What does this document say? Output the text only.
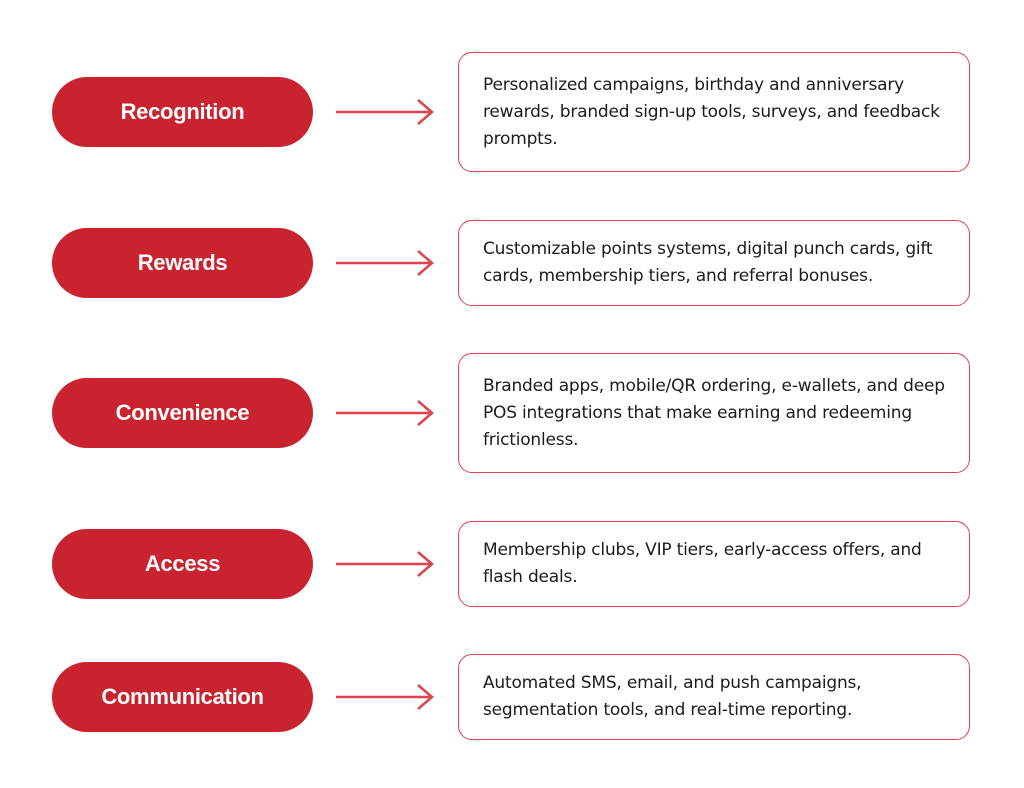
Recognition
Personalized campaigns, birthday and anniversary rewards, branded sign-up tools, surveys, and feedback prompts.
Rewards
Customizable points systems, digital punch cards, gift cards, membership tiers, and referral bonuses.
Convenience
Branded apps, mobile/QR ordering, e-wallets, and deep POS integrations that make earning and redeeming frictionless.
Access
Membership clubs, VIP tiers, early-access offers, and flash deals.
Communication
Automated SMS, email, and push campaigns, segmentation tools, and real-time reporting.
